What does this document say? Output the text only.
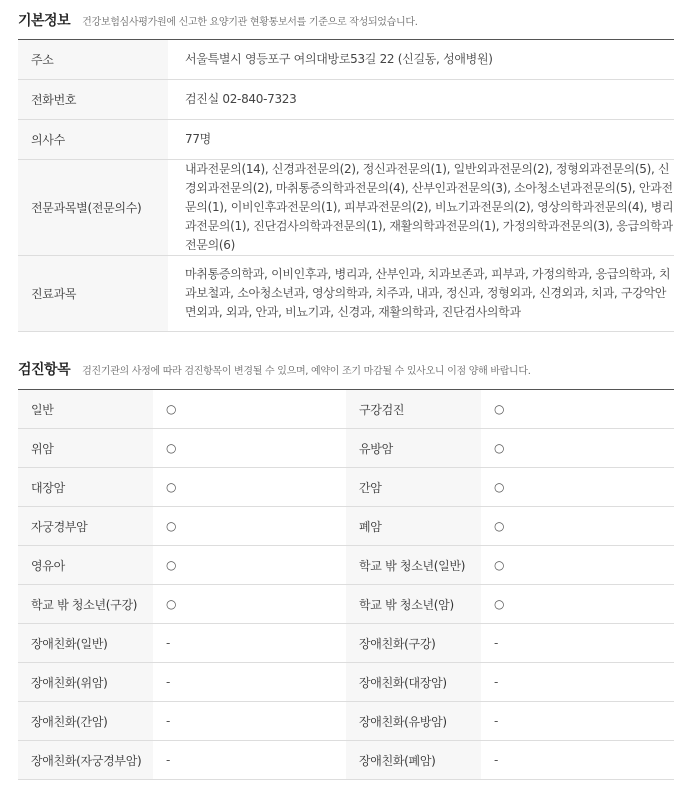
기본정보 건강보험심사평가원에 신고한 요양기관 현황통보서를 기준으로 작성되었습니다.
주소	서울특별시 영등포구 여의대방로53길 22 (신길동, 성애병원)
전화번호	검진실 02-840-7323
의사수	77명
전문과목별(전문의수)	내과전문의(14), 신경과전문의(2), 정신과전문의(1), 일반외과전문의(2), 정형외과전문의(5), 신경외과전문의(2), 마취통증의학과전문의(4), 산부인과전문의(3), 소아청소년과전문의(5), 안과전문의(1), 이비인후과전문의(1), 피부과전문의(2), 비뇨기과전문의(2), 영상의학과전문의(4), 병리과전문의(1), 진단검사의학과전문의(1), 재활의학과전문의(1), 가정의학과전문의(3), 응급의학과전문의(6)
진료과목	마취통증의학과, 이비인후과, 병리과, 산부인과, 치과보존과, 피부과, 가정의학과, 응급의학과, 치과보철과, 소아청소년과, 영상의학과, 치주과, 내과, 정신과, 정형외과, 신경외과, 치과, 구강악안면외과, 외과, 안과, 비뇨기과, 신경과, 재활의학과, 진단검사의학과
검진항목 검진기관의 사정에 따라 검진항목이 변경될 수 있으며, 예약이 조기 마감될 수 있사오니 이점 양해 바랍니다.
일반	○	구강검진	○
위암	○	유방암	○
대장암	○	간암	○
자궁경부암	○	폐암	○
영유아	○	학교 밖 청소년(일반)	○
학교 밖 청소년(구강)	○	학교 밖 청소년(암)	○
장애친화(일반)	-	장애친화(구강)	-
장애친화(위암)	-	장애친화(대장암)	-
장애친화(간암)	-	장애친화(유방암)	-
장애친화(자궁경부암)	-	장애친화(폐암)	-
